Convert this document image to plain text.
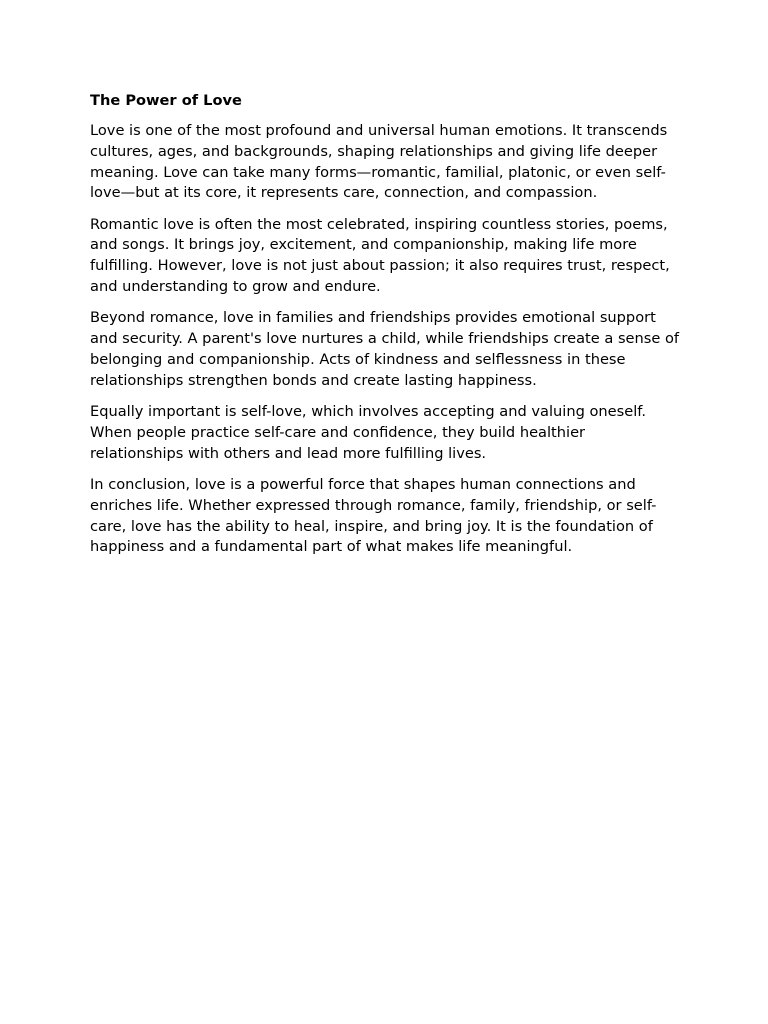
The Power of Love

Love is one of the most profound and universal human emotions. It transcends cultures, ages, and backgrounds, shaping relationships and giving life deeper meaning. Love can take many forms—romantic, familial, platonic, or even self-love—but at its core, it represents care, connection, and compassion.

Romantic love is often the most celebrated, inspiring countless stories, poems, and songs. It brings joy, excitement, and companionship, making life more fulfilling. However, love is not just about passion; it also requires trust, respect, and understanding to grow and endure.

Beyond romance, love in families and friendships provides emotional support and security. A parent's love nurtures a child, while friendships create a sense of belonging and companionship. Acts of kindness and selflessness in these relationships strengthen bonds and create lasting happiness.

Equally important is self-love, which involves accepting and valuing oneself. When people practice self-care and confidence, they build healthier relationships with others and lead more fulfilling lives.

In conclusion, love is a powerful force that shapes human connections and enriches life. Whether expressed through romance, family, friendship, or self-care, love has the ability to heal, inspire, and bring joy. It is the foundation of happiness and a fundamental part of what makes life meaningful.
